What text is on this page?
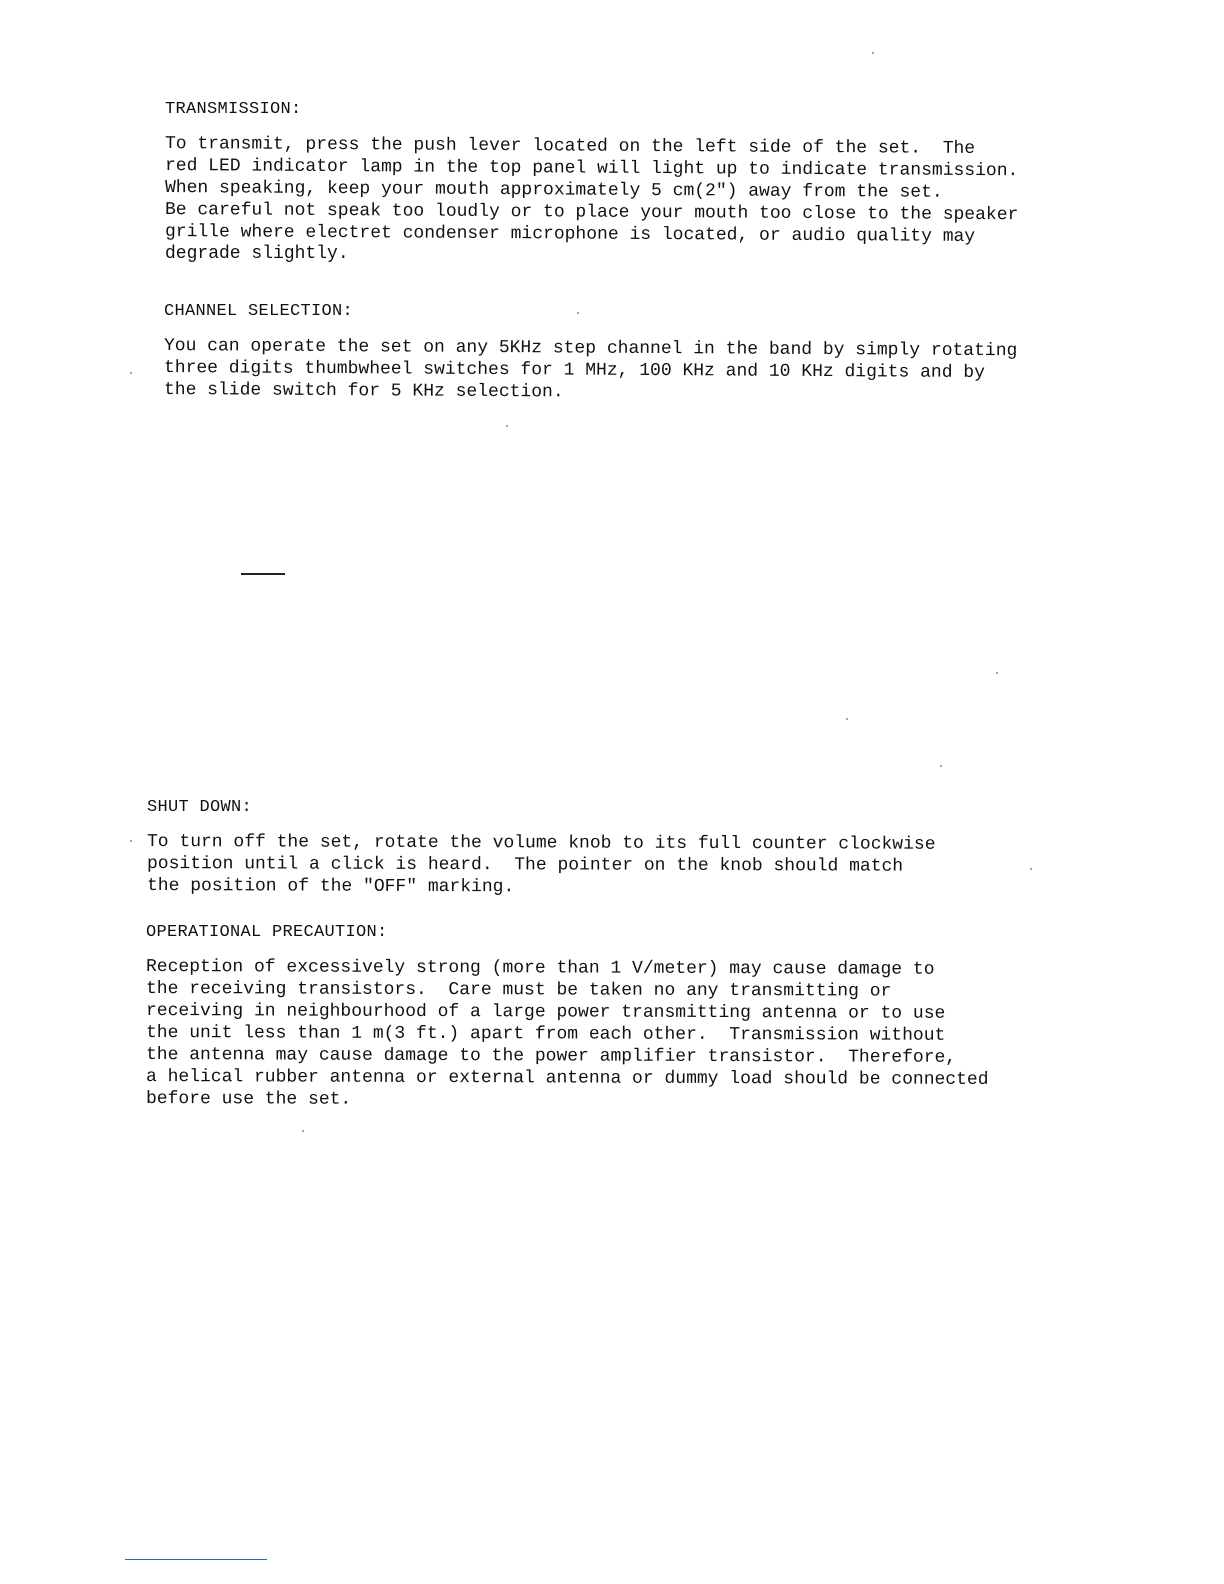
TRANSMISSION:

To transmit, press the push lever located on the left side of the set.  The

red LED indicator lamp in the top panel will light up to indicate transmission.

When speaking, keep your mouth approximately 5 cm(2") away from the set.

Be careful not speak too loudly or to place your mouth too close to the speaker

grille where electret condenser microphone is located, or audio quality may

degrade slightly.

CHANNEL SELECTION:

You can operate the set on any 5KHz step channel in the band by simply rotating

three digits thumbwheel switches for 1 MHz, 100 KHz and 10 KHz digits and by

the slide switch for 5 KHz selection.

SHUT DOWN:

To turn off the set, rotate the volume knob to its full counter clockwise

position until a click is heard.  The pointer on the knob should match

the position of the "OFF" marking.

OPERATIONAL PRECAUTION:

Reception of excessively strong (more than 1 V/meter) may cause damage to

the receiving transistors.  Care must be taken no any transmitting or

receiving in neighbourhood of a large power transmitting antenna or to use

the unit less than 1 m(3 ft.) apart from each other.  Transmission without

the antenna may cause damage to the power amplifier transistor.  Therefore,

a helical rubber antenna or external antenna or dummy load should be connected

before use the set.
